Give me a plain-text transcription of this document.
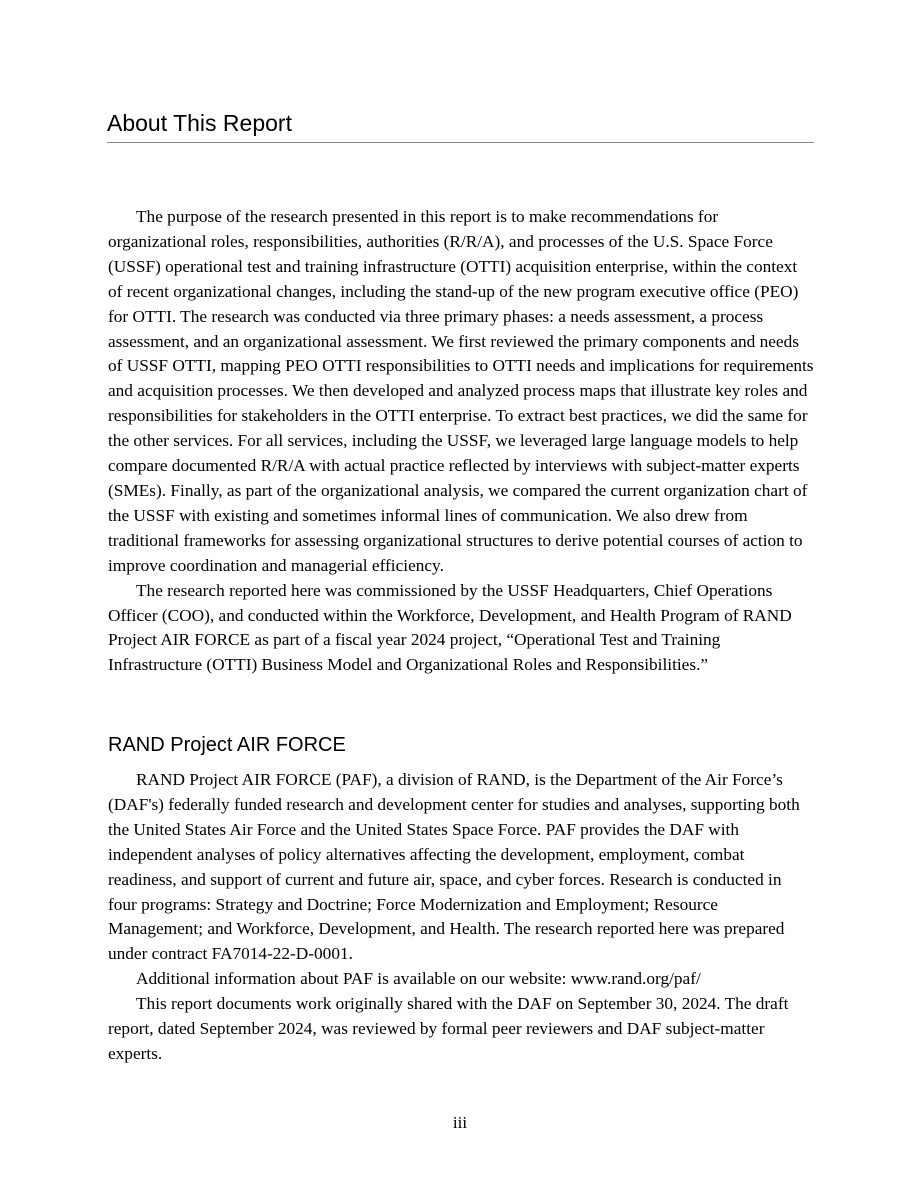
About This Report

The purpose of the research presented in this report is to make recommendations for organizational roles, responsibilities, authorities (R/R/A), and processes of the U.S. Space Force (USSF) operational test and training infrastructure (OTTI) acquisition enterprise, within the context of recent organizational changes, including the stand-up of the new program executive office (PEO) for OTTI. The research was conducted via three primary phases: a needs assessment, a process assessment, and an organizational assessment. We first reviewed the primary components and needs of USSF OTTI, mapping PEO OTTI responsibilities to OTTI needs and implications for requirements and acquisition processes. We then developed and analyzed process maps that illustrate key roles and responsibilities for stakeholders in the OTTI enterprise. To extract best practices, we did the same for the other services. For all services, including the USSF, we leveraged large language models to help compare documented R/R/A with actual practice reflected by interviews with subject-matter experts (SMEs). Finally, as part of the organizational analysis, we compared the current organization chart of the USSF with existing and sometimes informal lines of communication. We also drew from traditional frameworks for assessing organizational structures to derive potential courses of action to improve coordination and managerial efficiency.

The research reported here was commissioned by the USSF Headquarters, Chief Operations Officer (COO), and conducted within the Workforce, Development, and Health Program of RAND Project AIR FORCE as part of a fiscal year 2024 project, “Operational Test and Training Infrastructure (OTTI) Business Model and Organizational Roles and Responsibilities.”

RAND Project AIR FORCE

RAND Project AIR FORCE (PAF), a division of RAND, is the Department of the Air Force’s (DAF's) federally funded research and development center for studies and analyses, supporting both the United States Air Force and the United States Space Force. PAF provides the DAF with independent analyses of policy alternatives affecting the development, employment, combat readiness, and support of current and future air, space, and cyber forces. Research is conducted in four programs: Strategy and Doctrine; Force Modernization and Employment; Resource Management; and Workforce, Development, and Health. The research reported here was prepared under contract FA7014-22-D-0001.

Additional information about PAF is available on our website: www.rand.org/paf/

This report documents work originally shared with the DAF on September 30, 2024. The draft report, dated September 2024, was reviewed by formal peer reviewers and DAF subject-matter experts.

iii
